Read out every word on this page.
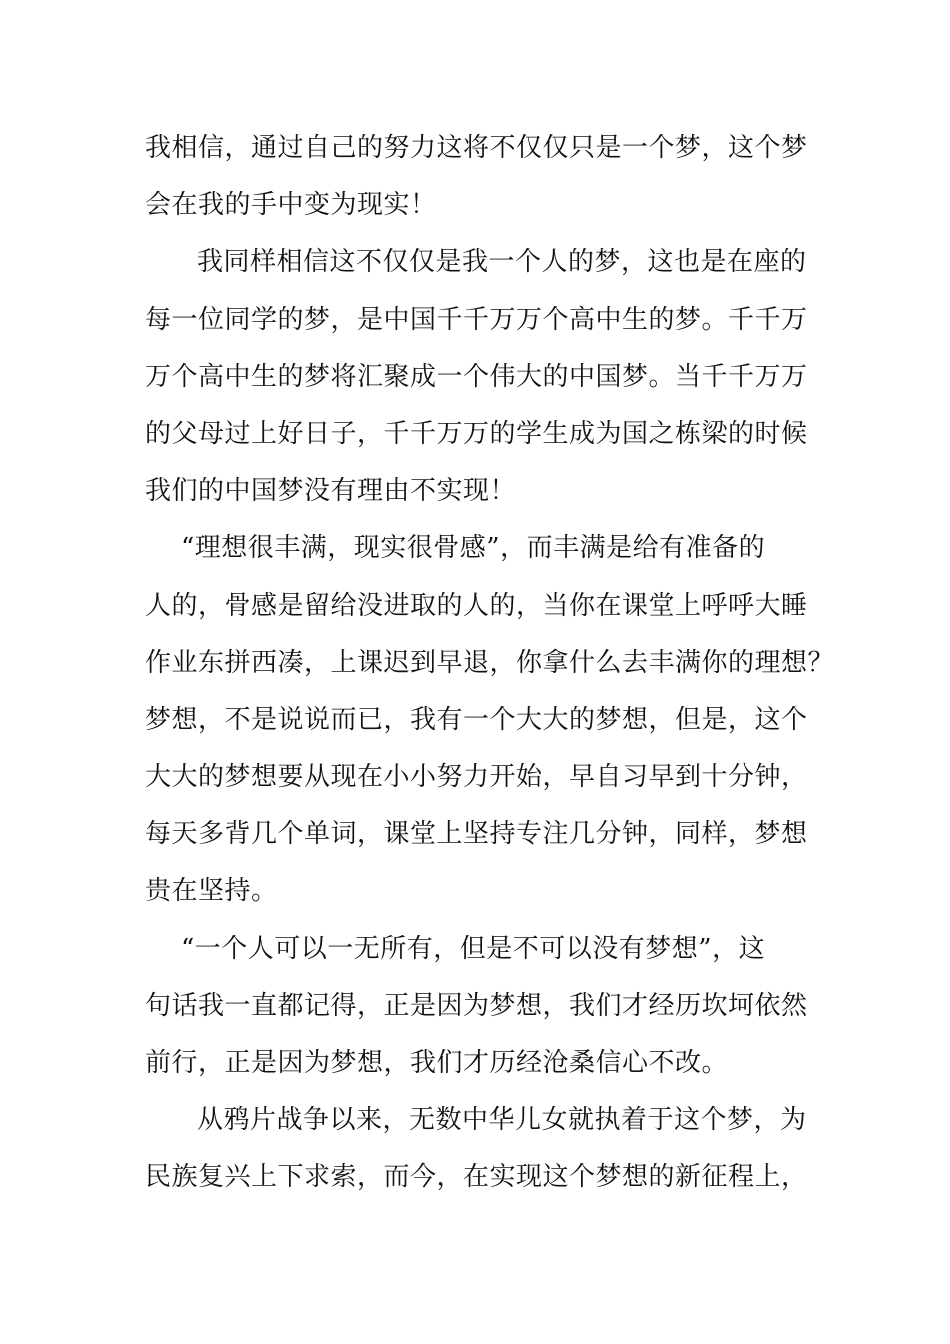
我相信，通过自己的努力这将不仅仅只是一个梦，这个梦
会在我的手中变为现实！
我同样相信这不仅仅是我一个人的梦，这也是在座的
每一位同学的梦，是中国千千万万个高中生的梦。千千万
万个高中生的梦将汇聚成一个伟大的中国梦。当千千万万
的父母过上好日子，千千万万的学生成为国之栋梁的时候
我们的中国梦没有理由不实现！
“理想很丰满，现实很骨感”，而丰满是给有准备的
人的，骨感是留给没进取的人的，当你在课堂上呼呼大睡
作业东拼西凑，上课迟到早退，你拿什么去丰满你的理想？
梦想，不是说说而已，我有一个大大的梦想，但是，这个
大大的梦想要从现在小小努力开始，早自习早到十分钟，
每天多背几个单词，课堂上坚持专注几分钟，同样，梦想
贵在坚持。
“一个人可以一无所有，但是不可以没有梦想”，这
句话我一直都记得，正是因为梦想，我们才经历坎坷依然
前行，正是因为梦想，我们才历经沧桑信心不改。
从鸦片战争以来，无数中华儿女就执着于这个梦，为
民族复兴上下求索，而今，在实现这个梦想的新征程上，
